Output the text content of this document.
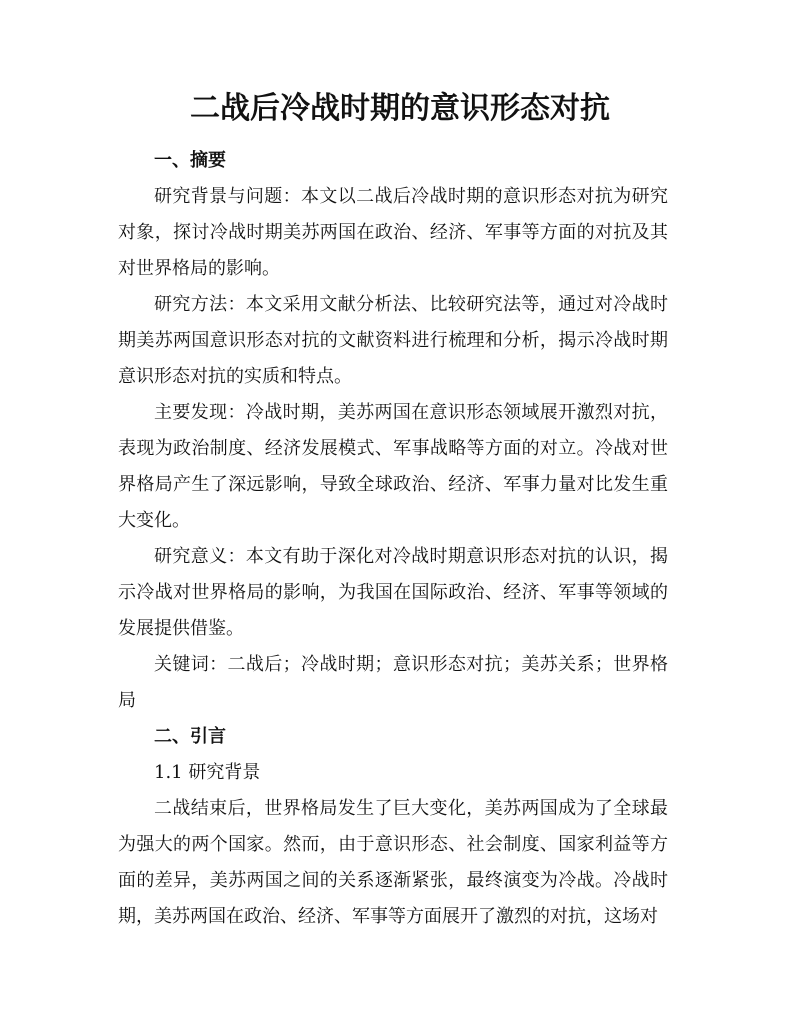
二战后冷战时期的意识形态对抗
一、摘要

研究背景与问题：本文以二战后冷战时期的意识形态对抗为研究对象，探讨冷战时期美苏两国在政治、经济、军事等方面的对抗及其对世界格局的影响。

研究方法：本文采用文献分析法、比较研究法等，通过对冷战时期美苏两国意识形态对抗的文献资料进行梳理和分析，揭示冷战时期意识形态对抗的实质和特点。

主要发现：冷战时期，美苏两国在意识形态领域展开激烈对抗，表现为政治制度、经济发展模式、军事战略等方面的对立。冷战对世界格局产生了深远影响，导致全球政治、经济、军事力量对比发生重大变化。

研究意义：本文有助于深化对冷战时期意识形态对抗的认识，揭示冷战对世界格局的影响，为我国在国际政治、经济、军事等领域的发展提供借鉴。

关键词：二战后；冷战时期；意识形态对抗；美苏关系；世界格局

二、引言
1.1 研究背景

二战结束后，世界格局发生了巨大变化，美苏两国成为了全球最为强大的两个国家。然而，由于意识形态、社会制度、国家利益等方面的差异，美苏两国之间的关系逐渐紧张，最终演变为冷战。冷战时期，美苏两国在政治、经济、军事等方面展开了激烈的对抗，这场对
